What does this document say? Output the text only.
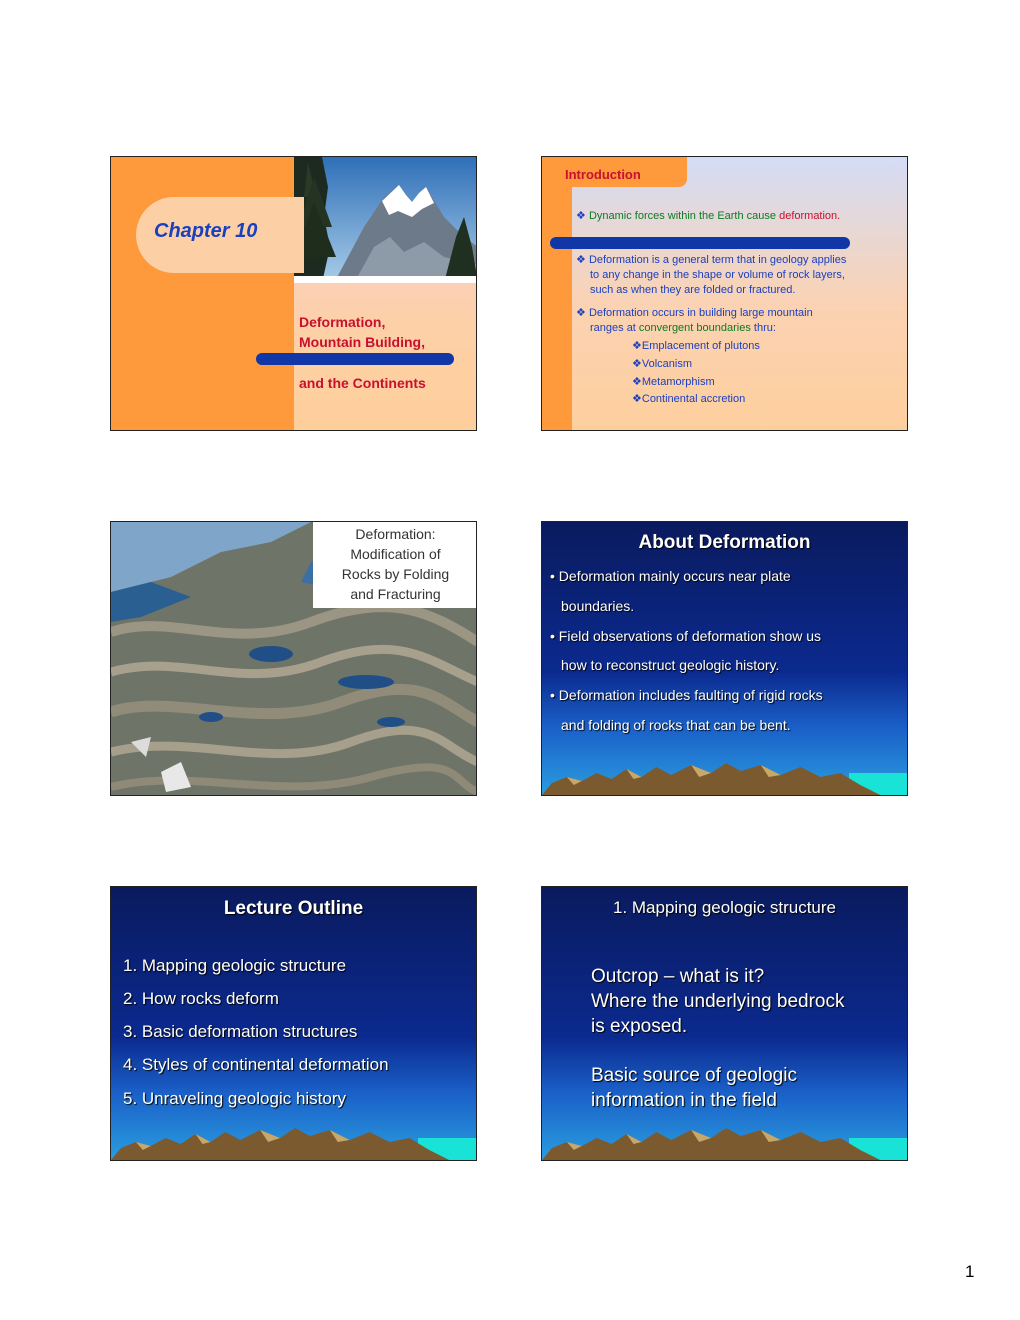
Chapter 10
Deformation,
Mountain Building,
and the Continents
Introduction
❖ Dynamic forces within the Earth cause deformation.
❖ Deformation is a general term that in geology applies
to any change in the shape or volume of rock layers,
such as when they are folded or fractured.
❖ Deformation occurs in building large mountain
ranges at convergent boundaries thru:
❖Emplacement of plutons
❖Volcanism
❖Metamorphism
❖Continental accretion
Deformation:
Modification of
Rocks by Folding
and Fracturing
About Deformation
• Deformation mainly occurs near plate
boundaries.
• Field observations of deformation show us
how to reconstruct geologic history.
• Deformation includes faulting of rigid rocks
and folding of rocks that can be bent.
Lecture Outline
1. Mapping geologic structure
2. How rocks deform
3. Basic deformation structures
4. Styles of continental deformation
5. Unraveling geologic history
1. Mapping geologic structure
Outcrop – what is it?
Where the underlying bedrock
is exposed.
Basic source of geologic
information in the field
1
